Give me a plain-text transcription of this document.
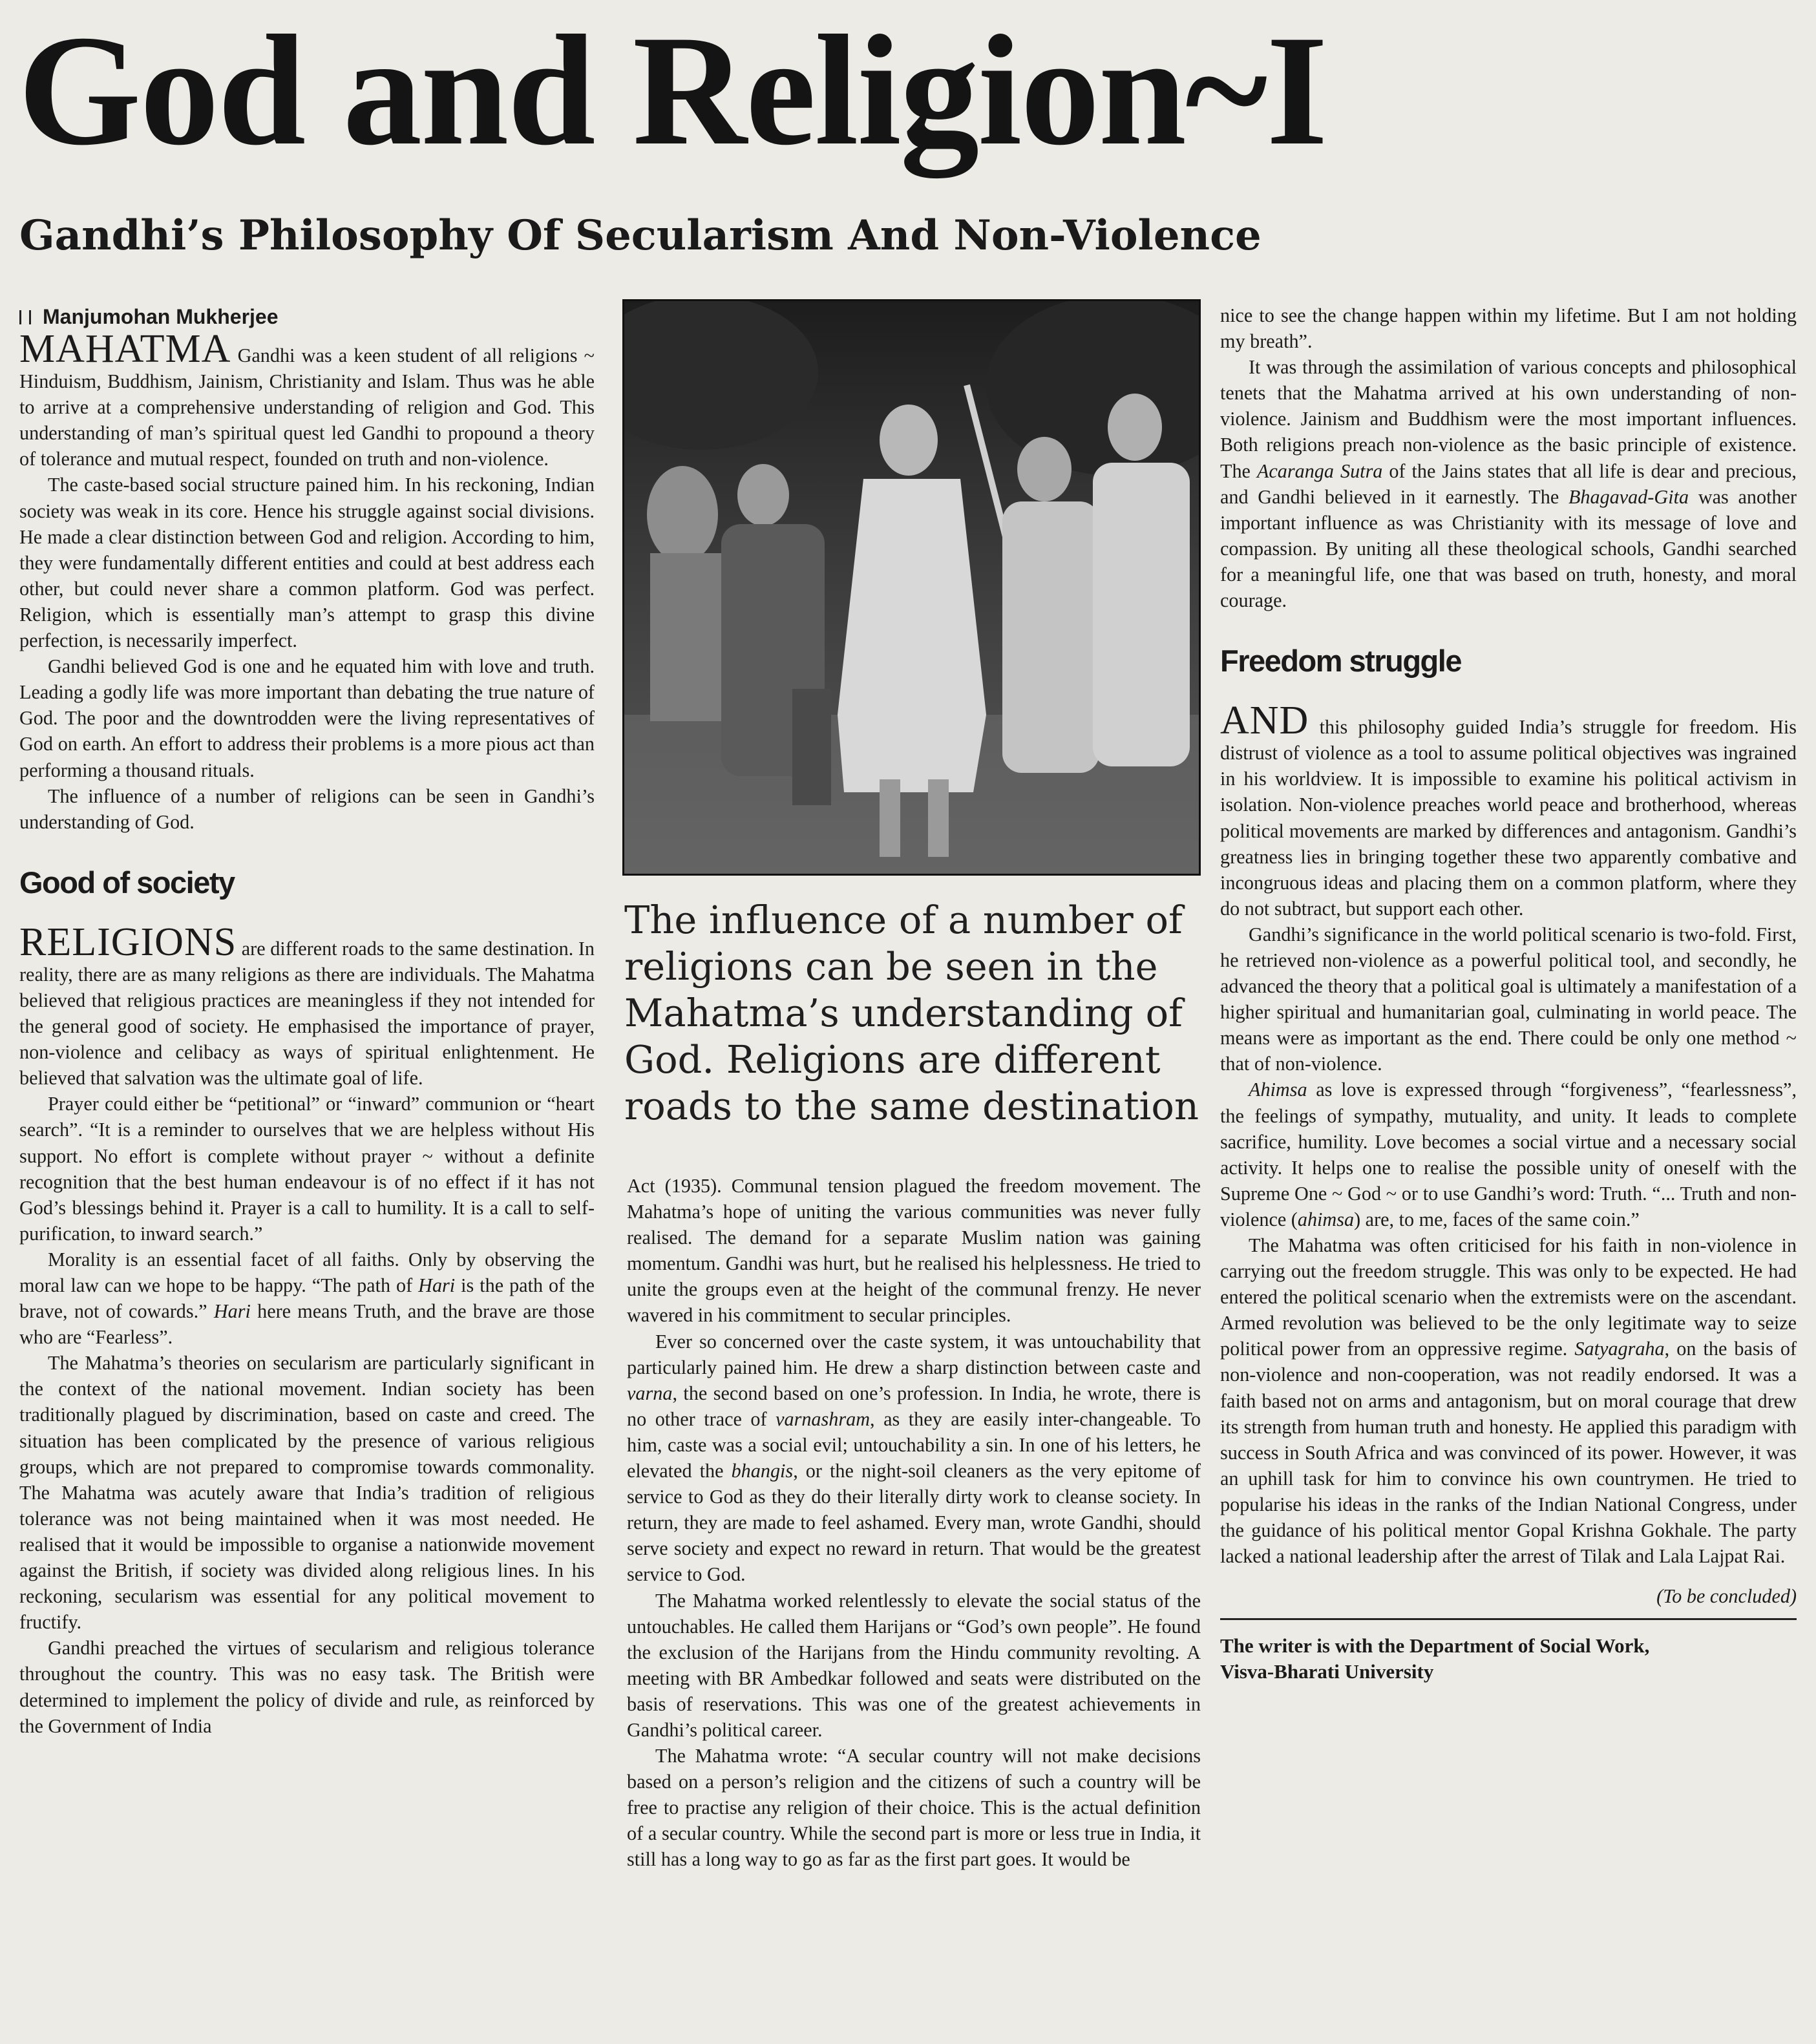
God and Religion~I
Gandhi’s Philosophy Of Secularism And Non-Violence
Manjumohan Mukherjee

MAHATMA Gandhi was a keen student of all religions ~ Hinduism, Buddhism, Jainism, Christianity and Islam. Thus was he able to arrive at a comprehensive understanding of religion and God. This understanding of man’s spiritual quest led Gandhi to propound a theory of tolerance and mutual respect, founded on truth and non-violence.

The caste-based social structure pained him. In his reckoning, Indian society was weak in its core. Hence his struggle against social divisions. He made a clear distinction between God and religion. According to him, they were fundamentally different entities and could at best address each other, but could never share a common platform. God was perfect. Religion, which is essentially man’s attempt to grasp this divine perfection, is necessarily imperfect.

Gandhi believed God is one and he equated him with love and truth. Leading a godly life was more important than debating the true nature of God. The poor and the downtrodden were the living representatives of God on earth. An effort to address their problems is a more pious act than performing a thousand rituals.

The influence of a number of religions can be seen in Gandhi’s understanding of God.

Good of society

RELIGIONS are different roads to the same destination. In reality, there are as many religions as there are individuals. The Mahatma believed that religious practices are meaningless if they not intended for the general good of society. He emphasised the importance of prayer, non-violence and celibacy as ways of spiritual enlightenment. He believed that salvation was the ultimate goal of life.

Prayer could either be “petitional” or “inward” communion or “heart search”. “It is a reminder to ourselves that we are helpless without His support. No effort is complete without prayer ~ without a definite recognition that the best human endeavour is of no effect if it has not God’s blessings behind it. Prayer is a call to humility. It is a call to self-purification, to inward search.”

Morality is an essential facet of all faiths. Only by observing the moral law can we hope to be happy. “The path of Hari is the path of the brave, not of cowards.” Hari here means Truth, and the brave are those who are “Fearless”.

The Mahatma’s theories on secularism are particularly significant in the context of the national movement. Indian society has been traditionally plagued by discrimination, based on caste and creed. The situation has been complicated by the presence of various religious groups, which are not prepared to compromise towards commonality. The Mahatma was acutely aware that India’s tradition of religious tolerance was not being maintained when it was most needed. He realised that it would be impossible to organise a nationwide movement against the British, if society was divided along religious lines. In his reckoning, secularism was essential for any political movement to fructify.

Gandhi preached the virtues of secularism and religious tolerance throughout the country. This was no easy task. The British were determined to implement the policy of divide and rule, as reinforced by the Government of India

The influence of a number of religions can be seen in the Mahatma’s understanding of God. Religions are different roads to the same destination

Act (1935). Communal tension plagued the freedom movement. The Mahatma’s hope of uniting the various communities was never fully realised. The demand for a separate Muslim nation was gaining momentum. Gandhi was hurt, but he realised his helplessness. He tried to unite the groups even at the height of the communal frenzy. He never wavered in his commitment to secular principles.

Ever so concerned over the caste system, it was untouchability that particularly pained him. He drew a sharp distinction between caste and varna, the second based on one’s profession. In India, he wrote, there is no other trace of varnashram, as they are easily inter-changeable. To him, caste was a social evil; untouchability a sin. In one of his letters, he elevated the bhangis, or the night-soil cleaners as the very epitome of service to God as they do their literally dirty work to cleanse society. In return, they are made to feel ashamed. Every man, wrote Gandhi, should serve society and expect no reward in return. That would be the greatest service to God.

The Mahatma worked relentlessly to elevate the social status of the untouchables. He called them Harijans or “God’s own people”. He found the exclusion of the Harijans from the Hindu community revolting. A meeting with BR Ambedkar followed and seats were distributed on the basis of reservations. This was one of the greatest achievements in Gandhi’s political career.

The Mahatma wrote: “A secular country will not make decisions based on a person’s religion and the citizens of such a country will be free to practise any religion of their choice. This is the actual definition of a secular country. While the second part is more or less true in India, it still has a long way to go as far as the first part goes. It would be

nice to see the change happen within my lifetime. But I am not holding my breath”.

It was through the assimilation of various concepts and philosophical tenets that the Mahatma arrived at his own understanding of non-violence. Jainism and Buddhism were the most important influences. Both religions preach non-violence as the basic principle of existence. The Acaranga Sutra of the Jains states that all life is dear and precious, and Gandhi believed in it earnestly. The Bhagavad-Gita was another important influence as was Christianity with its message of love and compassion. By uniting all these theological schools, Gandhi searched for a meaningful life, one that was based on truth, honesty, and moral courage.

Freedom struggle

AND this philosophy guided India’s struggle for freedom. His distrust of violence as a tool to assume political objectives was ingrained in his worldview. It is impossible to examine his political activism in isolation. Non-violence preaches world peace and brotherhood, whereas political movements are marked by differences and antagonism. Gandhi’s greatness lies in bringing together these two apparently combative and incongruous ideas and placing them on a common platform, where they do not subtract, but support each other.

Gandhi’s significance in the world political scenario is two-fold. First, he retrieved non-violence as a powerful political tool, and secondly, he advanced the theory that a political goal is ultimately a manifestation of a higher spiritual and humanitarian goal, culminating in world peace. The means were as important as the end. There could be only one method ~ that of non-violence.

Ahimsa as love is expressed through “forgiveness”, “fearlessness”, the feelings of sympathy, mutuality, and unity. It leads to complete sacrifice, humility. Love becomes a social virtue and a necessary social activity. It helps one to realise the possible unity of oneself with the Supreme One ~ God ~ or to use Gandhi’s word: Truth. “... Truth and non-violence (ahimsa) are, to me, faces of the same coin.”

The Mahatma was often criticised for his faith in non-violence in carrying out the freedom struggle. This was only to be expected. He had entered the political scenario when the extremists were on the ascendant. Armed revolution was believed to be the only legitimate way to seize political power from an oppressive regime. Satyagraha, on the basis of non-violence and non-cooperation, was not readily endorsed. It was a faith based not on arms and antagonism, but on moral courage that drew its strength from human truth and honesty. He applied this paradigm with success in South Africa and was convinced of its power. However, it was an uphill task for him to convince his own countrymen. He tried to popularise his ideas in the ranks of the Indian National Congress, under the guidance of his political mentor Gopal Krishna Gokhale. The party lacked a national leadership after the arrest of Tilak and Lala Lajpat Rai.

(To be concluded)
The writer is with the Department of Social Work,
Visva-Bharati University
